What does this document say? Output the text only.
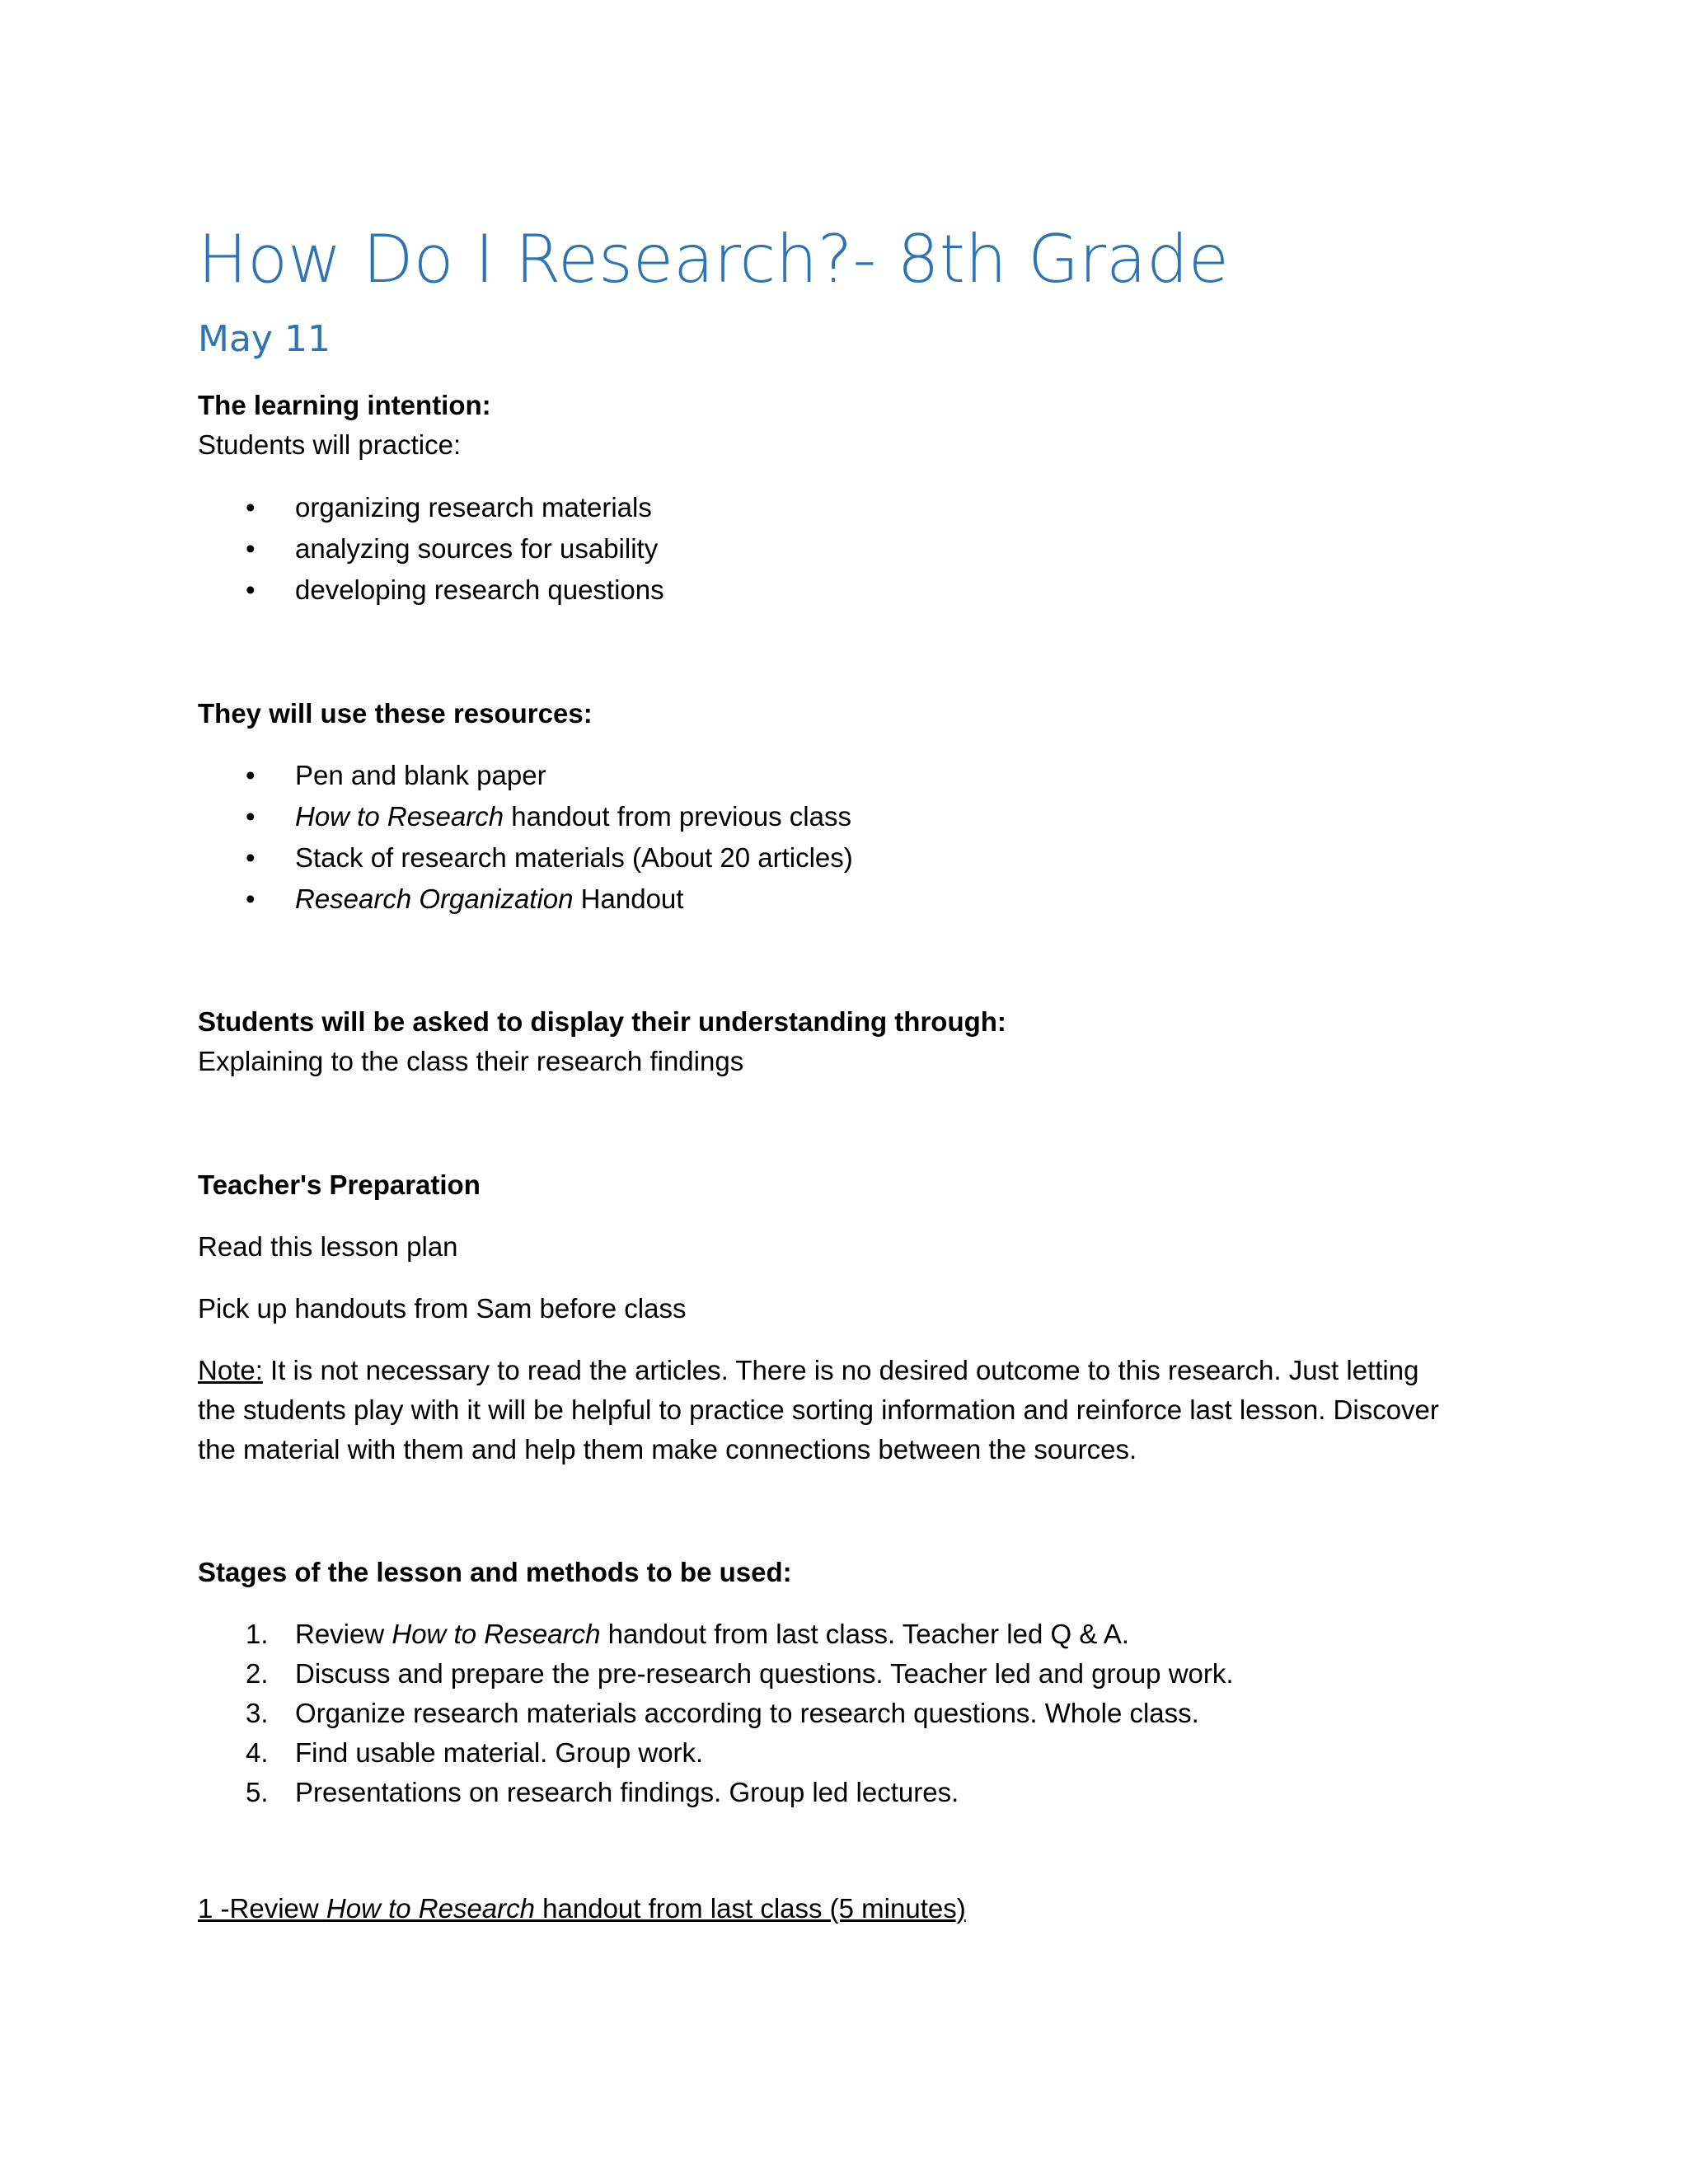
How Do I Research?- 8th Grade
May 11
The learning intention:
Students will practice:
• organizing research materials
• analyzing sources for usability
• developing research questions
They will use these resources:
• Pen and blank paper
• How to Research handout from previous class
• Stack of research materials (About 20 articles)
• Research Organization Handout
Students will be asked to display their understanding through:
Explaining to the class their research findings
Teacher's Preparation
Read this lesson plan
Pick up handouts from Sam before class
Note: It is not necessary to read the articles. There is no desired outcome to this research. Just letting the students play with it will be helpful to practice sorting information and reinforce last lesson. Discover the material with them and help them make connections between the sources.
Stages of the lesson and methods to be used:
1. Review How to Research handout from last class. Teacher led Q & A.
2. Discuss and prepare the pre-research questions. Teacher led and group work.
3. Organize research materials according to research questions. Whole class.
4. Find usable material. Group work.
5. Presentations on research findings. Group led lectures.
1 -Review How to Research handout from last class (5 minutes)
